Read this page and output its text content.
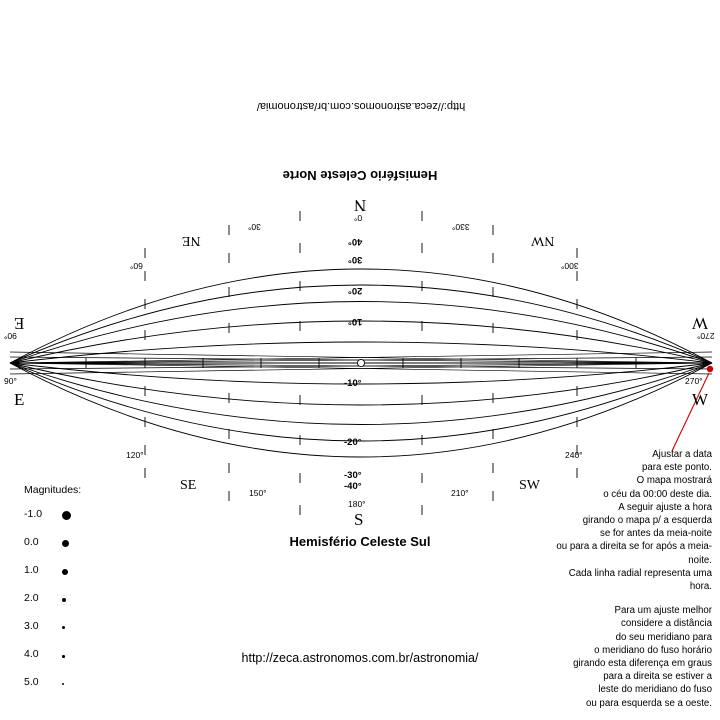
http://zeca.astronomos.com.br/astronomia/
Hemisfério Celeste Norte
N
0°
NE
30°
60°
NW
330°
300°
E
90°
W
270°
40°
30°
20°
10°
90°
E
270°
W
120°
SE	150°
180°
S
210°	SW
240°
-10°
-20°
-30°
-40°
Hemisfério Celeste Sul
http://zeca.astronomos.com.br/astronomia/
Magnitudes:
-1.0
0.0
1.0
2.0
3.0
4.0
5.0

Ajustar a data

para este ponto.

O mapa mostrará

o céu da 00:00 deste dia.

A seguir ajuste a hora

girando o mapa p/ a esquerda

se for antes da meia-noite

ou para a direita se for após a meia-noite.

Cada linha radial representa uma hora.

Para um ajuste melhor

considere a distância

do seu meridiano para

o meridiano do fuso horário

girando esta diferença em graus

para a direita se estiver a

leste do meridiano do fuso

ou para esquerda se a oeste.
